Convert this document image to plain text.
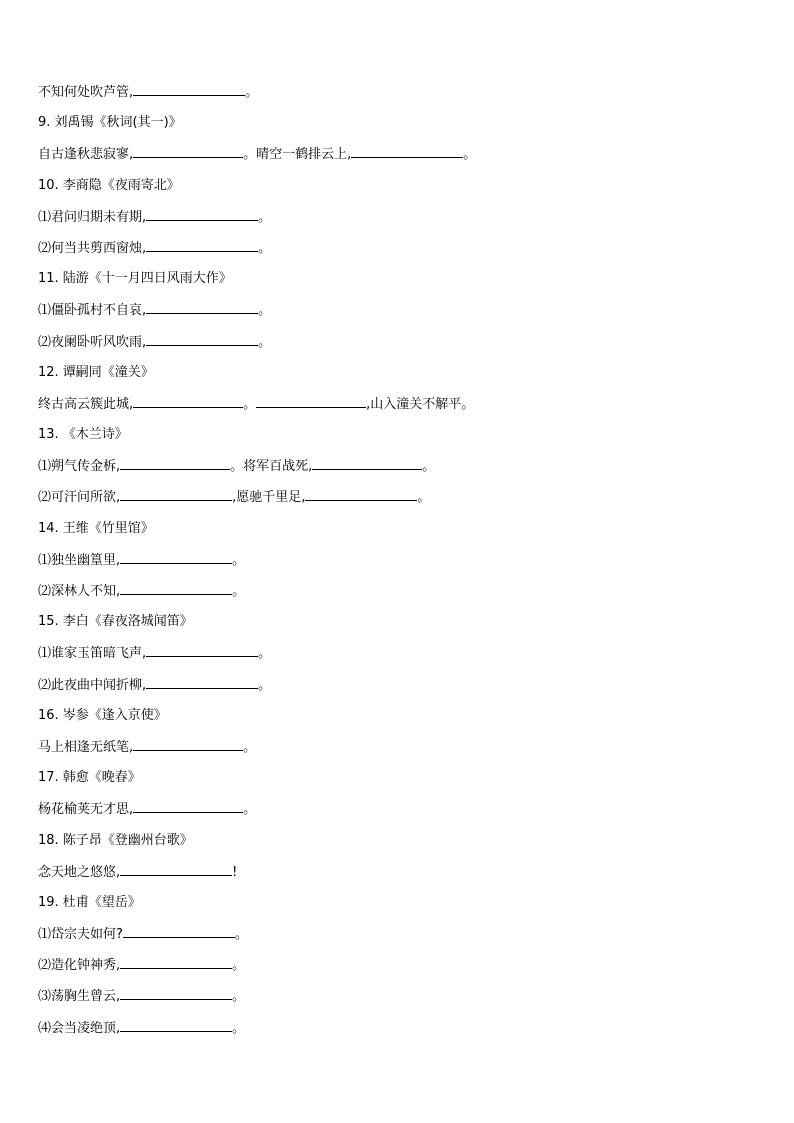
不知何处吹芦管,	。
9. 刘禹锡《秋词(其一)》
自古逢秋悲寂寥,	。晴空一鹤排云上,	。
10. 李商隐《夜雨寄北》
⑴君问归期未有期,	。
⑵何当共剪西窗烛,	。
11. 陆游《十一月四日风雨大作》
⑴僵卧孤村不自哀,	。
⑵夜阑卧听风吹雨,	。
12. 谭嗣同《潼关》
终古高云簇此城,	。	,山入潼关不解平。
13. 《木兰诗》
⑴朔气传金柝,	。将军百战死,	。
⑵可汗问所欲,	,愿驰千里足,	。
14. 王维《竹里馆》
⑴独坐幽篁里,	。
⑵深林人不知,	。
15. 李白《春夜洛城闻笛》
⑴谁家玉笛暗飞声,	。
⑵此夜曲中闻折柳,	。
16. 岑参《逢入京使》
马上相逢无纸笔,	。
17. 韩愈《晚春》
杨花榆荚无才思,	。
18. 陈子昂《登幽州台歌》
念天地之悠悠,	!
19. 杜甫《望岳》
⑴岱宗夫如何?	。
⑵造化钟神秀,	。
⑶荡胸生曾云,	。
⑷会当凌绝顶,	。
